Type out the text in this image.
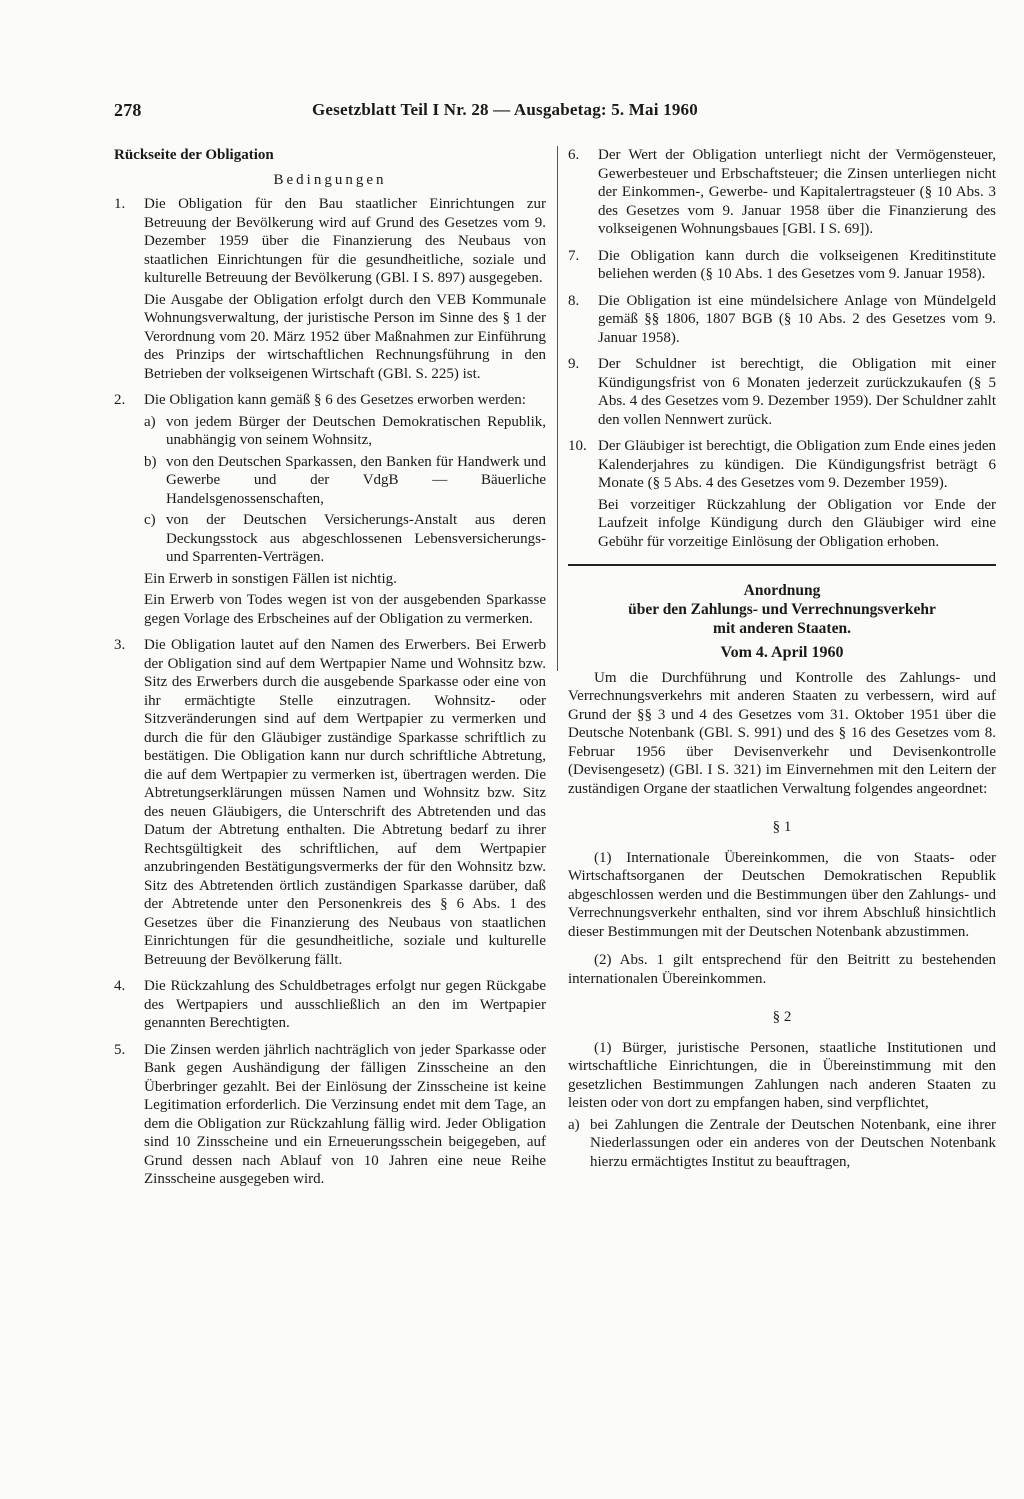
278	Gesetzblatt Teil I Nr. 28 — Ausgabetag: 5. Mai 1960

Rückseite der Obligation

Bedingungen

1.	Die Obligation für den Bau staatlicher Einrichtungen zur Betreuung der Bevölkerung wird auf Grund des Gesetzes vom 9. Dezember 1959 über die Finanzierung des Neubaus von staatlichen Einrichtungen für die gesundheitliche, soziale und kulturelle Betreuung der Bevölkerung (GBl. I S. 897) ausgegeben.

Die Ausgabe der Obligation erfolgt durch den VEB Kommunale Wohnungsverwaltung, der juristische Person im Sinne des § 1 der Verordnung vom 20. März 1952 über Maßnahmen zur Einführung des Prinzips der wirtschaftlichen Rechnungsführung in den Betrieben der volkseigenen Wirtschaft (GBl. S. 225) ist.

2.	Die Obligation kann gemäß § 6 des Gesetzes erworben werden:

a) von jedem Bürger der Deutschen Demokratischen Republik, unabhängig von seinem Wohnsitz,
b) von den Deutschen Sparkassen, den Banken für Handwerk und Gewerbe und der VdgB — Bäuerliche Handelsgenossenschaften,
c) von der Deutschen Versicherungs-Anstalt aus deren Deckungsstock aus abgeschlossenen Lebensversicherungs- und Sparrenten-Verträgen.

Ein Erwerb in sonstigen Fällen ist nichtig.

Ein Erwerb von Todes wegen ist von der ausgebenden Sparkasse gegen Vorlage des Erbscheines auf der Obligation zu vermerken.

3.	Die Obligation lautet auf den Namen des Erwerbers. Bei Erwerb der Obligation sind auf dem Wertpapier Name und Wohnsitz bzw. Sitz des Erwerbers durch die ausgebende Sparkasse oder eine von ihr ermächtigte Stelle einzutragen. Wohnsitz- oder Sitzveränderungen sind auf dem Wertpapier zu vermerken und durch die für den Gläubiger zuständige Sparkasse schriftlich zu bestätigen. Die Obligation kann nur durch schriftliche Abtretung, die auf dem Wertpapier zu vermerken ist, übertragen werden. Die Abtretungserklärungen müssen Namen und Wohnsitz bzw. Sitz des neuen Gläubigers, die Unterschrift des Abtretenden und das Datum der Abtretung enthalten. Die Abtretung bedarf zu ihrer Rechtsgültigkeit des schriftlichen, auf dem Wertpapier anzubringenden Bestätigungsvermerks der für den Wohnsitz bzw. Sitz des Abtretenden örtlich zuständigen Sparkasse darüber, daß der Abtretende unter den Personenkreis des § 6 Abs. 1 des Gesetzes über die Finanzierung des Neubaus von staatlichen Einrichtungen für die gesundheitliche, soziale und kulturelle Betreuung der Bevölkerung fällt.

4.	Die Rückzahlung des Schuldbetrages erfolgt nur gegen Rückgabe des Wertpapiers und ausschließlich an den im Wertpapier genannten Berechtigten.

5.	Die Zinsen werden jährlich nachträglich von jeder Sparkasse oder Bank gegen Aushändigung der fälligen Zinsscheine an den Überbringer gezahlt. Bei der Einlösung der Zinsscheine ist keine Legitimation erforderlich. Die Verzinsung endet mit dem Tage, an dem die Obligation zur Rückzahlung fällig wird. Jeder Obligation sind 10 Zinsscheine und ein Erneuerungsschein beigegeben, auf Grund dessen nach Ablauf von 10 Jahren eine neue Reihe Zinsscheine ausgegeben wird.

6.	Der Wert der Obligation unterliegt nicht der Vermögensteuer, Gewerbesteuer und Erbschaftsteuer; die Zinsen unterliegen nicht der Einkommen-, Gewerbe- und Kapitalertragsteuer (§ 10 Abs. 3 des Gesetzes vom 9. Januar 1958 über die Finanzierung des volkseigenen Wohnungsbaues [GBl. I S. 69]).

7.	Die Obligation kann durch die volkseigenen Kreditinstitute beliehen werden (§ 10 Abs. 1 des Gesetzes vom 9. Januar 1958).

8.	Die Obligation ist eine mündelsichere Anlage von Mündelgeld gemäß §§ 1806, 1807 BGB (§ 10 Abs. 2 des Gesetzes vom 9. Januar 1958).

9.	Der Schuldner ist berechtigt, die Obligation mit einer Kündigungsfrist von 6 Monaten jederzeit zurückzukaufen (§ 5 Abs. 4 des Gesetzes vom 9. Dezember 1959). Der Schuldner zahlt den vollen Nennwert zurück.

10. Der Gläubiger ist berechtigt, die Obligation zum Ende eines jeden Kalenderjahres zu kündigen. Die Kündigungsfrist beträgt 6 Monate (§ 5 Abs. 4 des Gesetzes vom 9. Dezember 1959).

Bei vorzeitiger Rückzahlung der Obligation vor Ende der Laufzeit infolge Kündigung durch den Gläubiger wird eine Gebühr für vorzeitige Einlösung der Obligation erhoben.

Anordnung

über den Zahlungs- und Verrechnungsverkehr

mit anderen Staaten.

Vom 4. April 1960

Um die Durchführung und Kontrolle des Zahlungs- und Verrechnungsverkehrs mit anderen Staaten zu verbessern, wird auf Grund der §§ 3 und 4 des Gesetzes vom 31. Oktober 1951 über die Deutsche Notenbank (GBl. S. 991) und des § 16 des Gesetzes vom 8. Februar 1956 über Devisenverkehr und Devisenkontrolle (Devisengesetz) (GBl. I S. 321) im Einvernehmen mit den Leitern der zuständigen Organe der staatlichen Verwaltung folgendes angeordnet:

§ 1

(1) Internationale Übereinkommen, die von Staats- oder Wirtschaftsorganen der Deutschen Demokratischen Republik abgeschlossen werden und die Bestimmungen über den Zahlungs- und Verrechnungsverkehr enthalten, sind vor ihrem Abschluß hinsichtlich dieser Bestimmungen mit der Deutschen Notenbank abzustimmen.

(2) Abs. 1 gilt entsprechend für den Beitritt zu bestehenden internationalen Übereinkommen.

§ 2

(1) Bürger, juristische Personen, staatliche Institutionen und wirtschaftliche Einrichtungen, die in Übereinstimmung mit den gesetzlichen Bestimmungen Zahlungen nach anderen Staaten zu leisten oder von dort zu empfangen haben, sind verpflichtet,

a) bei Zahlungen die Zentrale der Deutschen Notenbank, eine ihrer Niederlassungen oder ein anderes von der Deutschen Notenbank hierzu ermächtigtes Institut zu beauftragen,
